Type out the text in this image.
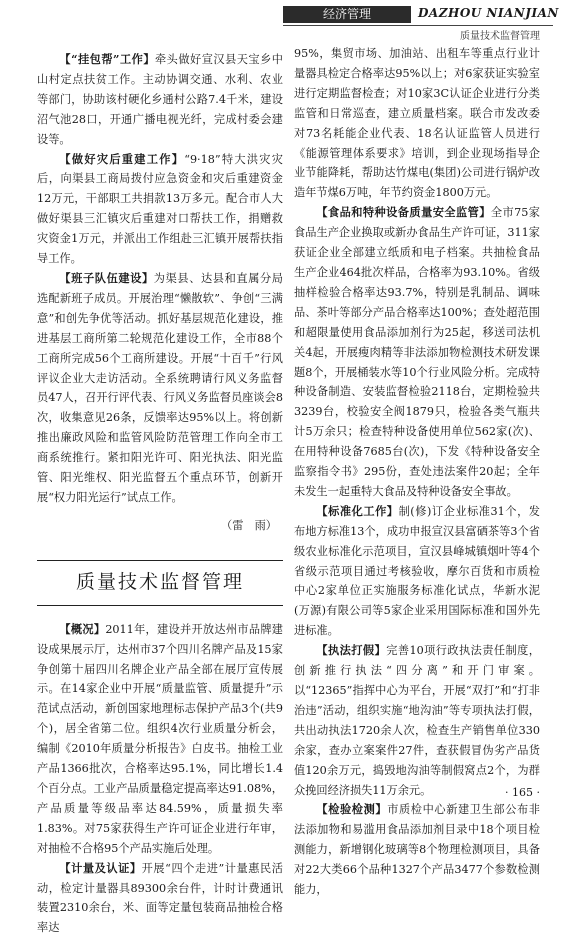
经济管理	DAZHOU NIANJIAN
质量技术监督管理

【“挂包帮”工作】牵头做好宣汉县天宝乡中山村定点扶贫工作。主动协调交通、水利、农业等部门，协助该村硬化乡通村公路7.4千米，建设沼气池28口，开通广播电视光纤，完成村委会建设等。

【做好灾后重建工作】“9·18”特大洪灾灾后，向渠县工商局拨付应急资金和灾后重建资金12万元，干部职工共捐款13万多元。配合市人大做好渠县三汇镇灾后重建对口帮扶工作，捐赠救灾资金1万元，并派出工作组赴三汇镇开展帮扶指导工作。

【班子队伍建设】为渠县、达县和直属分局选配新班子成员。开展治理“懒散软”、争创“三满意”和创先争优等活动。抓好基层规范化建设，推进基层工商所第二轮规范化建设工作，全市88个工商所完成56个工商所建设。开展“十百千”行风评议企业大走访活动。全系统聘请行风义务监督员47人，召开行评代表、行风义务监督员座谈会8次，收集意见26条，反馈率达95%以上。将创新推出廉政风险和监管风险防范管理工作向全市工商系统推行。紧扣阳光许可、阳光执法、阳光监管、阳光维权、阳光监督五个重点环节，创新开展“权力阳光运行”试点工作。

（雷　雨）

质量技术监督管理

【概况】2011年，建设并开放达州市品牌建设成果展示厅，达州市37个四川名牌产品及15家争创第十届四川名牌企业产品全部在展厅宣传展示。在14家企业中开展“质量监管、质量提升”示范试点活动，新创国家地理标志保护产品3个(共9个)，居全省第二位。组织4次行业质量分析会，编制《2010年质量分析报告》白皮书。抽检工业产品1366批次，合格率达95.1%，同比增长1.4个百分点。工业产品质量稳定提高率达91.08%，产品质量等级品率达84.59%，质量损失率1.83%。对75家获得生产许可证企业进行年审，对抽检不合格95个产品实施后处理。

【计量及认证】开展“四个走进”计量惠民活动，检定计量器具89300余台件，计时计费通讯装置2310余台，米、面等定量包装商品抽检合格率达

95%，集贸市场、加油站、出租车等重点行业计量器具检定合格率达95%以上；对6家获证实验室进行定期监督检查；对10家3C认证企业进行分类监管和日常巡查，建立质量档案。联合市发改委对73名耗能企业代表、18名认证监管人员进行《能源管理体系要求》培训，到企业现场指导企业节能降耗，帮助达竹煤电(集团)公司进行锅炉改造年节煤6万吨，年节约资金1800万元。

【食品和特种设备质量安全监管】全市75家食品生产企业换取或新办食品生产许可证，311家获证企业全部建立纸质和电子档案。共抽检食品生产企业464批次样品，合格率为93.10%。省级抽样检验合格率达93.7%，特别是乳制品、调味品、茶叶等部分产品合格率达100%；查处超范围和超限量使用食品添加剂行为25起，移送司法机关4起，开展瘦肉精等非法添加物检测技术研发课题8个，开展桶装水等10个行业风险分析。完成特种设备制造、安装监督检验2118台，定期检验共3239台，校验安全阀1879只，检验各类气瓶共计5万余只；检查特种设备使用单位562家(次)、在用特种设备7685台(次)，下发《特种设备安全监察指令书》295份，查处违法案件20起；全年未发生一起重特大食品及特种设备安全事故。

【标准化工作】制(修)订企业标准31个，发布地方标准13个，成功申报宣汉县富硒茶等3个省级农业标准化示范项目，宣汉县峰城镇烟叶等4个省级示范项目通过考核验收，摩尔百货和市质检中心2家单位正实施服务标准化试点，华新水泥(万源)有限公司等5家企业采用国际标准和国外先进标准。

【执法打假】完善10项行政执法责任制度，创新推行执法“四分离”和开门审案。以“12365”指挥中心为平台，开展“双打”和“打非治违”活动，组织实施“地沟油”等专项执法打假，共出动执法1720余人次，检查生产销售单位330余家，查办立案案件27件，查获假冒伪劣产品货值120余万元，捣毁地沟油等制假窝点2个，为群众挽回经济损失11万余元。

【检验检测】市质检中心新建卫生部公布非法添加物和易滥用食品添加剂目录中18个项目检测能力，新增钢化玻璃等8个物理检测项目，具备对22大类66个品种1327个产品3477个参数检测能力，

· 165 ·
